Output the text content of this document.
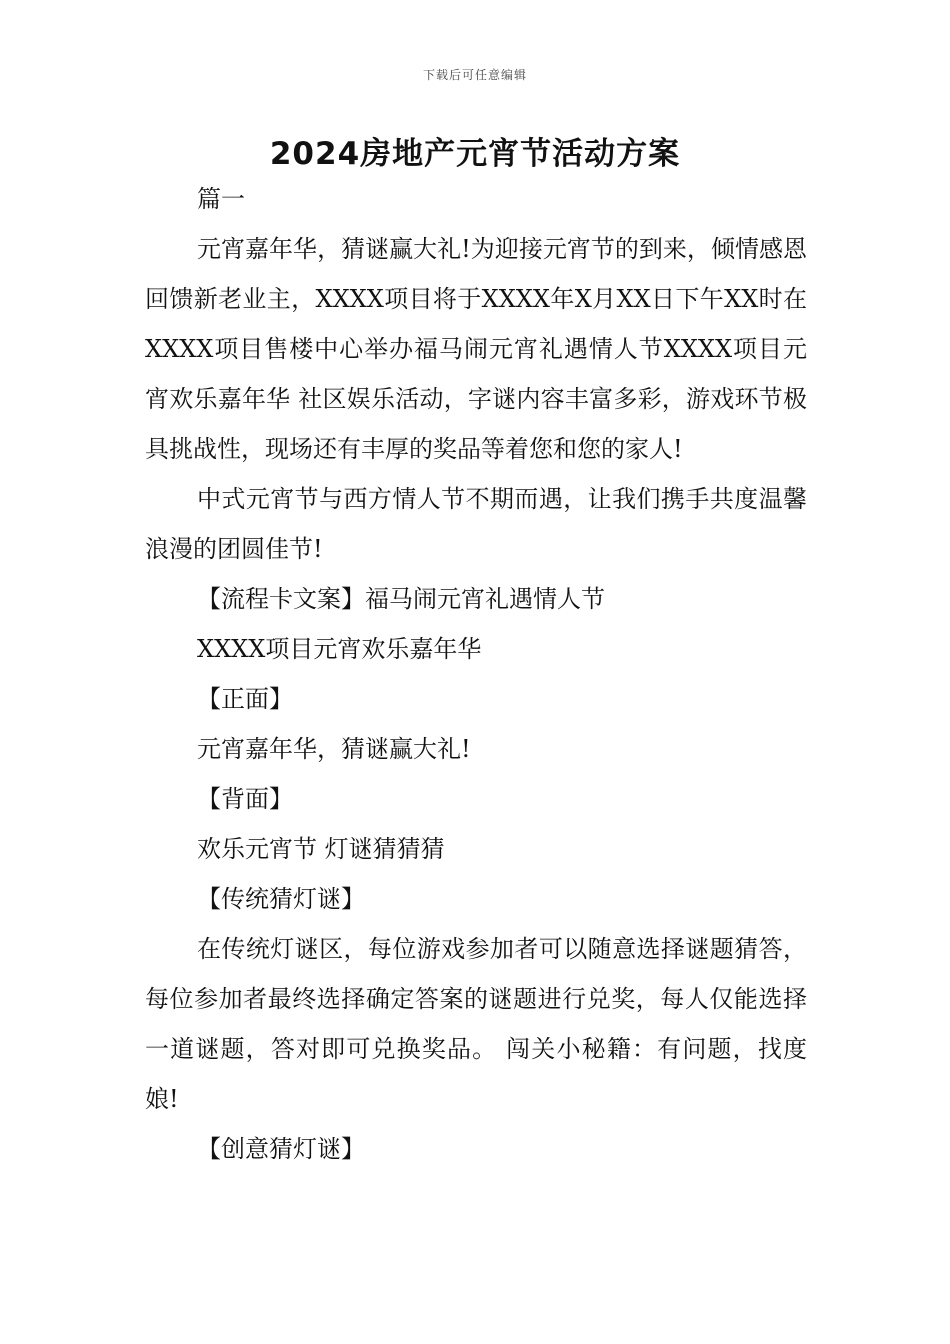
下载后可任意编辑
2024房地产元宵节活动方案

篇一

元宵嘉年华，猜谜赢大礼!为迎接元宵节的到来，倾情感恩回馈新老业主，XXXX项目将于XXXX年X月XX日下午XX时在XXXX项目售楼中心举办福马闹元宵礼遇情人节XXXX项目元宵欢乐嘉年华 社区娱乐活动，字谜内容丰富多彩，游戏环节极具挑战性，现场还有丰厚的奖品等着您和您的家人!

中式元宵节与西方情人节不期而遇，让我们携手共度温馨浪漫的团圆佳节!

【流程卡文案】福马闹元宵礼遇情人节

XXXX项目元宵欢乐嘉年华

【正面】

元宵嘉年华，猜谜赢大礼!

【背面】

欢乐元宵节 灯谜猜猜猜

【传统猜灯谜】

在传统灯谜区，每位游戏参加者可以随意选择谜题猜答，每位参加者最终选择确定答案的谜题进行兑奖，每人仅能选择一道谜题，答对即可兑换奖品。 闯关小秘籍：有问题，找度娘!

【创意猜灯谜】
